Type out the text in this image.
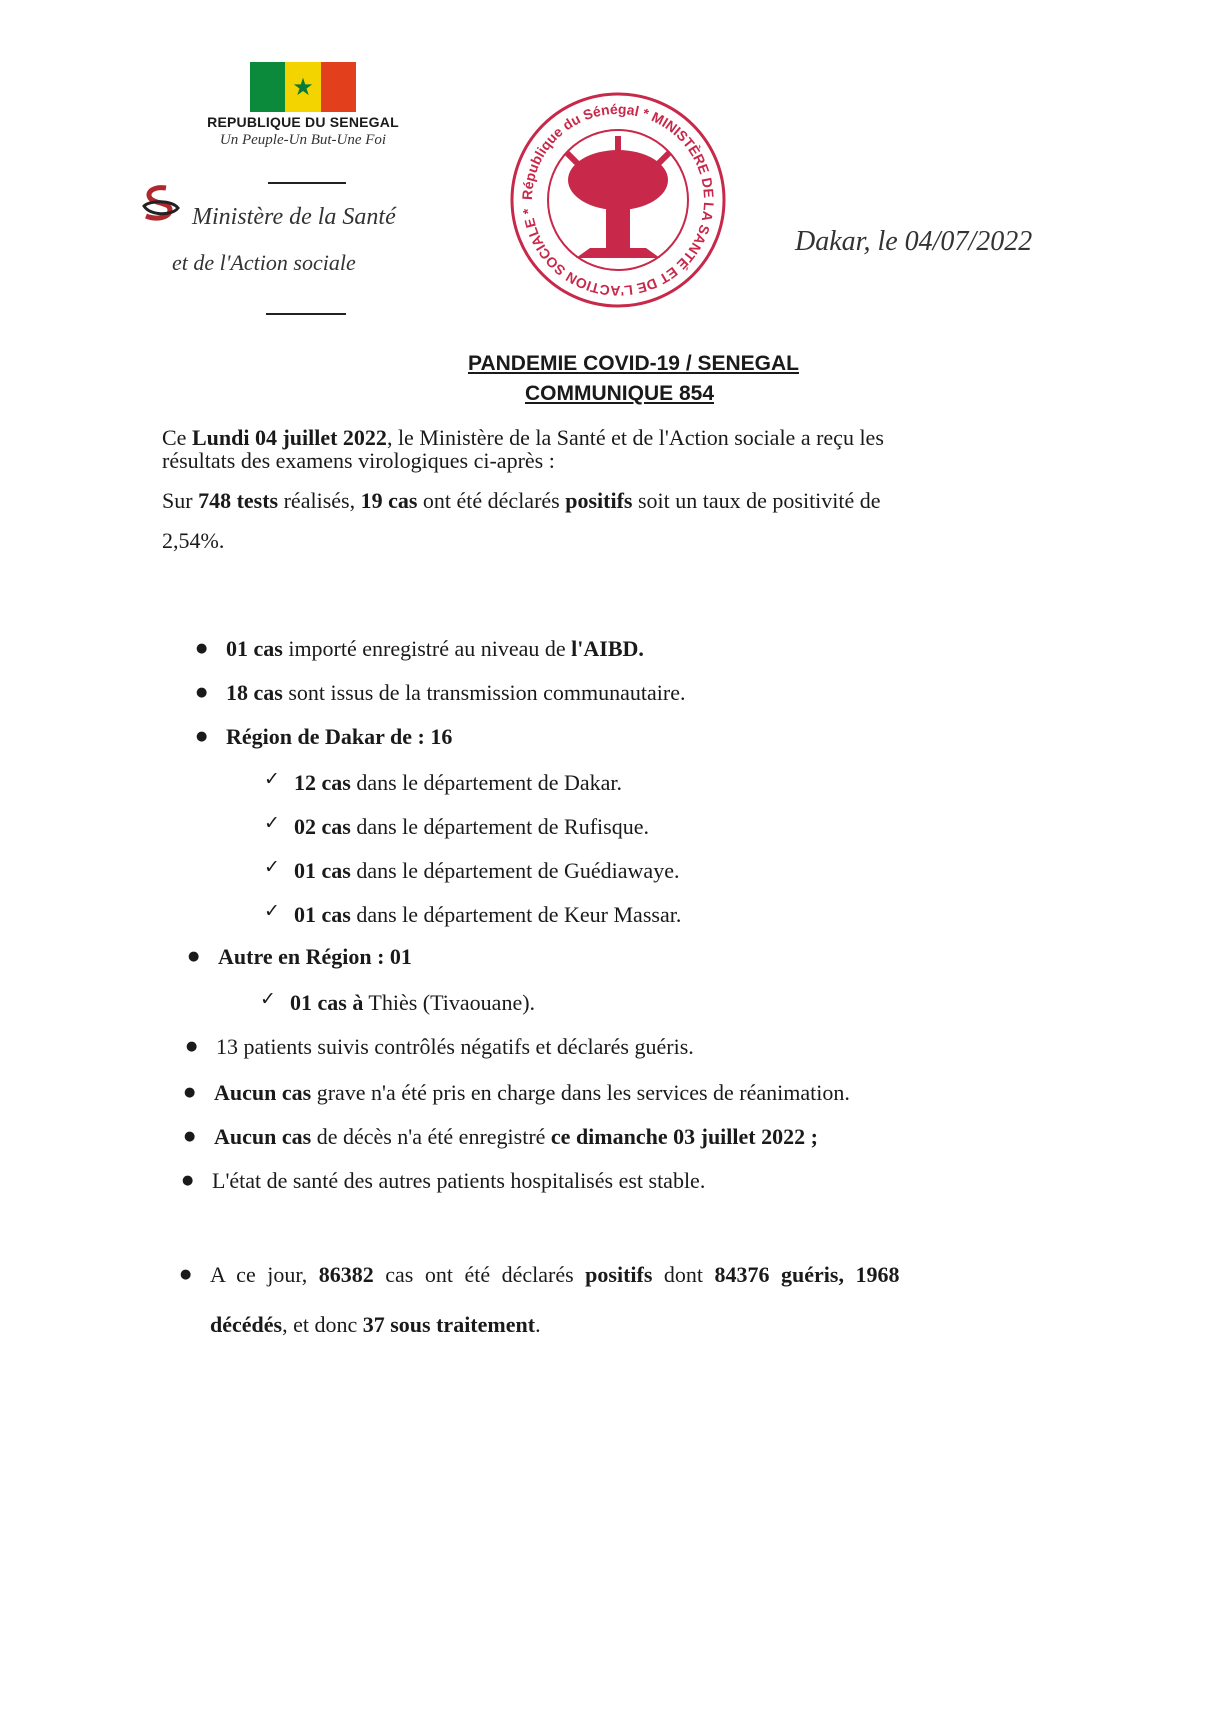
★
REPUBLIQUE DU SENEGAL
Un Peuple-Un But-Une Foi
Ministère de la Santé
et de l'Action sociale
République du Sénégal * MINISTÈRE DE LA SANTÉ ET DE L'ACTION SOCIALE *
Dakar, le 04/07/2022
PANDEMIE COVID-19 / SENEGAL
COMMUNIQUE 854
Ce Lundi 04 juillet 2022, le Ministère de la Santé et de l'Action sociale a reçu les
résultats des examens virologiques ci-après :
Sur 748 tests réalisés, 19 cas ont été déclarés positifs soit un taux de positivité de
2,54%.
● 01 cas importé enregistré au niveau de l'AIBD.
● 18 cas sont issus de la transmission communautaire.
● Région de Dakar de : 16
✓ 12 cas dans le département de Dakar.
✓ 02 cas dans le département de Rufisque.
✓ 01 cas dans le département de Guédiawaye.
✓ 01 cas dans le département de Keur Massar.
● Autre en Région : 01
✓ 01 cas à Thiès (Tivaouane).
● 13 patients suivis contrôlés négatifs et déclarés guéris.
● Aucun cas grave n'a été pris en charge dans les services de réanimation.
● Aucun cas de décès n'a été enregistré ce dimanche 03 juillet 2022 ;
● L'état de santé des autres patients hospitalisés est stable.
● A ce jour, 86382 cas ont été déclarés positifs dont 84376 guéris, 1968
décédés, et donc 37 sous traitement.
